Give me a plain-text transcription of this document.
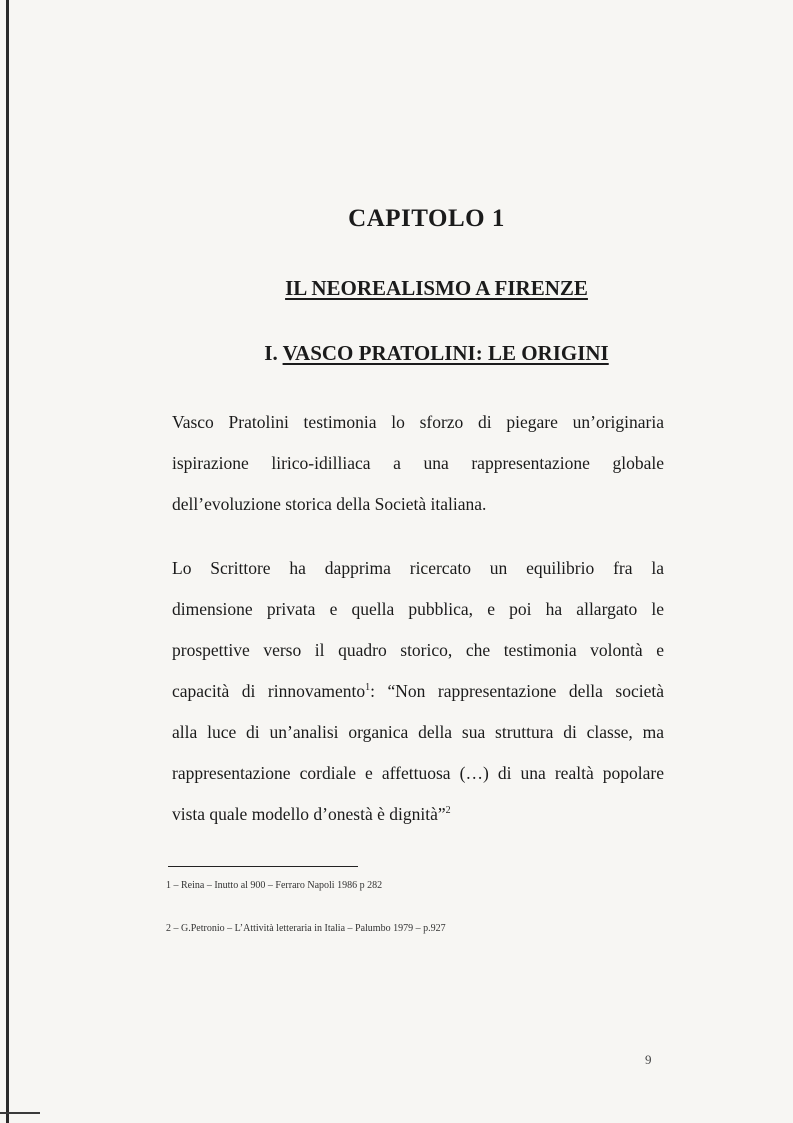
CAPITOLO 1
IL NEOREALISMO A FIRENZE
I. VASCO PRATOLINI: LE ORIGINI
Vasco Pratolini testimonia lo sforzo di piegare un’originaria
ispirazione lirico-idilliaca a una rappresentazione globale
dell’evoluzione storica della Società italiana.
Lo Scrittore ha dapprima ricercato un equilibrio fra la
dimensione privata e quella pubblica, e poi ha allargato le
prospettive verso il quadro storico, che testimonia volontà e
capacità di rinnovamento$^1$: “Non rappresentazione della società
alla luce di un’analisi organica della sua struttura di classe, ma
rappresentazione cordiale e affettuosa (…) di una realtà popolare
vista quale modello d’onestà è dignità”$^2$
1 – Reina – Inutto al 900 – Ferraro Napoli 1986 p 282
2 – G.Petronio – L’Attività letteraria in Italia – Palumbo 1979 – p.927
9
